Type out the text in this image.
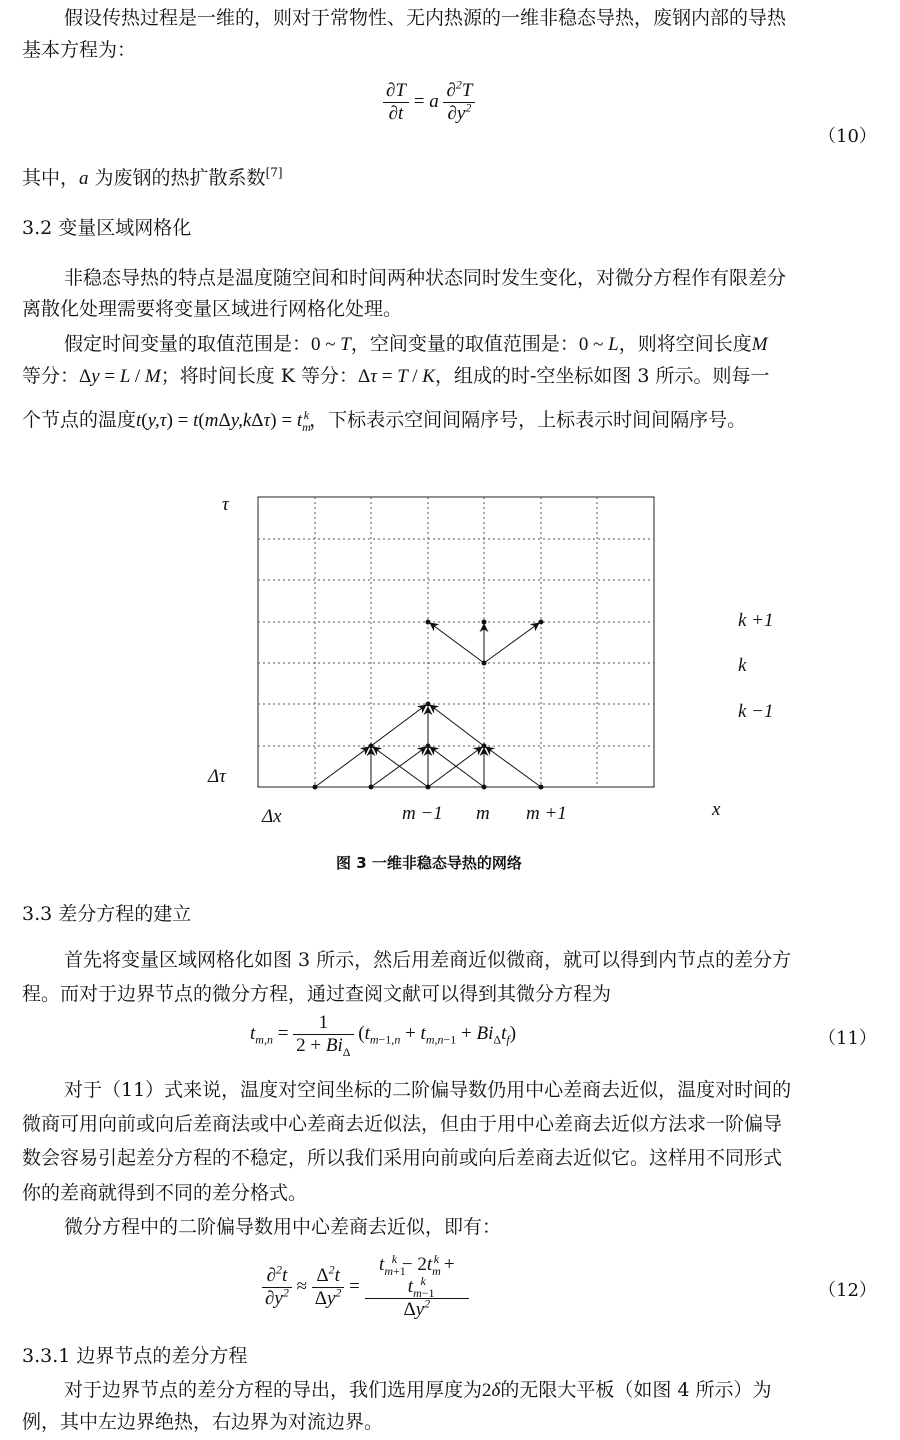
假设传热过程是一维的，则对于常物性、无内热源的一维非稳态导热，废钢内部的导热
基本方程为：
$\frac{\partial T}{\partial t} = a \frac{\partial^2T}{\partial y^2}$
（10）
其中，a 为废钢的热扩散系数[7]
3.2 变量区域网格化
非稳态导热的特点是温度随空间和时间两种状态同时发生变化，对微分方程作有限差分
离散化处理需要将变量区域进行网格化处理。
假定时间变量的取值范围是：0 ~ T，空间变量的取值范围是：0 ~ L，则将空间长度M
等分：Δy = L / M；将时间长度 K 等分：Δτ = T / K，组成的时-空坐标如图 3 所示。则每一
个节点的温度$t(y,\tau) = t(m\Delta y,k\Delta\tau) = t_m^k$，下标表示空间间隔序号，上标表示时间间隔序号。
τ
Δτ
Δx	x
m −1 m m +1
k +1
k
k −1
图 3 一维非稳态导热的网络
3.3 差分方程的建立
首先将变量区域网格化如图 3 所示，然后用差商近似微商，就可以得到内节点的差分方
程。而对于边界节点的微分方程，通过查阅文献可以得到其微分方程为
$t_{m,n} = \frac{1}{2 + Bi_\Delta} (t_{m-1,n} + t_{m,n-1} + Bi_\Delta t_f)$	（11）
对于（11）式来说，温度对空间坐标的二阶偏导数仍用中心差商去近似，温度对时间的
微商可用向前或向后差商法或中心差商去近似法，但由于用中心差商去近似方法求一阶偏导
数会容易引起差分方程的不稳定，所以我们采用向前或向后差商去近似它。这样用不同形式
你的差商就得到不同的差分格式。
微分方程中的二阶偏导数用中心差商去近似，即有：
$\frac{\partial^2t}{\partial y^2} \approx \frac{\Delta^2t}{\Delta y^2} = \frac{t_{m+1}^k - 2t_m^k + t_{m-1}^k}{\Delta y^2}$	（12）
3.3.1 边界节点的差分方程
对于边界节点的差分方程的导出，我们选用厚度为2δ的无限大平板（如图 4 所示）为
例，其中左边界绝热，右边界为对流边界。
